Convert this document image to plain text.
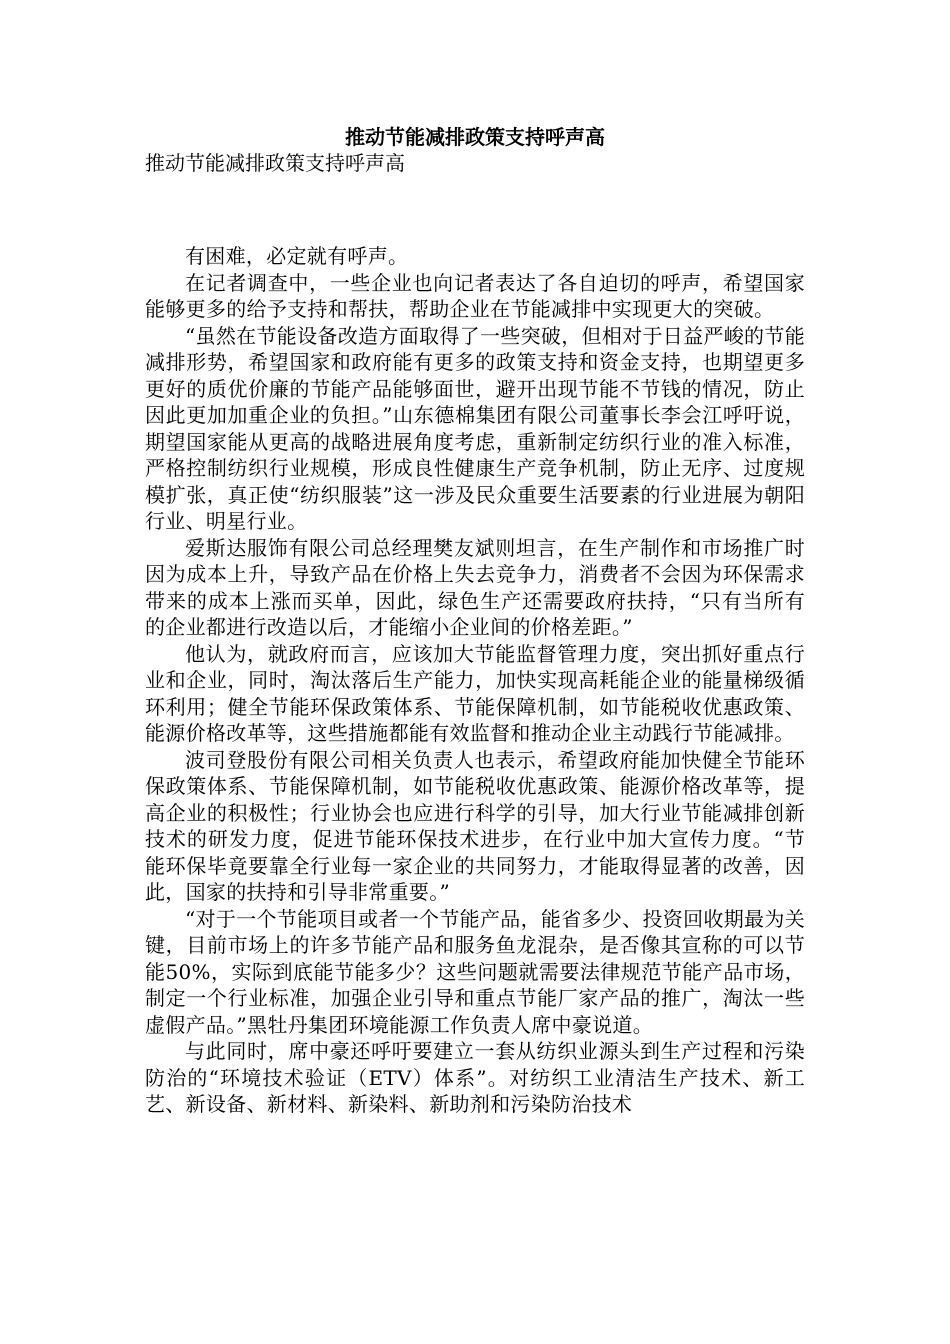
推动节能减排政策支持呼声高
推动节能减排政策支持呼声高

有困难，必定就有呼声。

在记者调查中，一些企业也向记者表达了各自迫切的呼声，希望国家能够更多的给予支持和帮扶，帮助企业在节能减排中实现更大的突破。

“虽然在节能设备改造方面取得了一些突破，但相对于日益严峻的节能减排形势，希望国家和政府能有更多的政策支持和资金支持，也期望更多更好的质优价廉的节能产品能够面世，避开出现节能不节钱的情况，防止因此更加加重企业的负担。”山东德棉集团有限公司董事长李会江呼吁说，期望国家能从更高的战略进展角度考虑，重新制定纺织行业的准入标准，严格控制纺织行业规模，形成良性健康生产竞争机制，防止无序、过度规模扩张，真正使“纺织服装”这一涉及民众重要生活要素的行业进展为朝阳行业、明星行业。

爱斯达服饰有限公司总经理樊友斌则坦言，在生产制作和市场推广时因为成本上升，导致产品在价格上失去竞争力，消费者不会因为环保需求带来的成本上涨而买单，因此，绿色生产还需要政府扶持，“只有当所有的企业都进行改造以后，才能缩小企业间的价格差距。”

他认为，就政府而言，应该加大节能监督管理力度，突出抓好重点行业和企业，同时，淘汰落后生产能力，加快实现高耗能企业的能量梯级循环利用；健全节能环保政策体系、节能保障机制，如节能税收优惠政策、能源价格改革等，这些措施都能有效监督和推动企业主动践行节能减排。

波司登股份有限公司相关负责人也表示，希望政府能加快健全节能环保政策体系、节能保障机制，如节能税收优惠政策、能源价格改革等，提高企业的积极性；行业协会也应进行科学的引导，加大行业节能减排创新技术的研发力度，促进节能环保技术进步，在行业中加大宣传力度。“节能环保毕竟要靠全行业每一家企业的共同努力，才能取得显著的改善，因此，国家的扶持和引导非常重要。”

“对于一个节能项目或者一个节能产品，能省多少、投资回收期最为关键，目前市场上的许多节能产品和服务鱼龙混杂，是否像其宣称的可以节能50%，实际到底能节能多少？这些问题就需要法律规范节能产品市场，制定一个行业标准，加强企业引导和重点节能厂家产品的推广，淘汰一些虚假产品。”黑牡丹集团环境能源工作负责人席中豪说道。

与此同时，席中豪还呼吁要建立一套从纺织业源头到生产过程和污染防治的“环境技术验证（ETV）体系”。对纺织工业清洁生产技术、新工艺、新设备、新材料、新染料、新助剂和污染防治技术
